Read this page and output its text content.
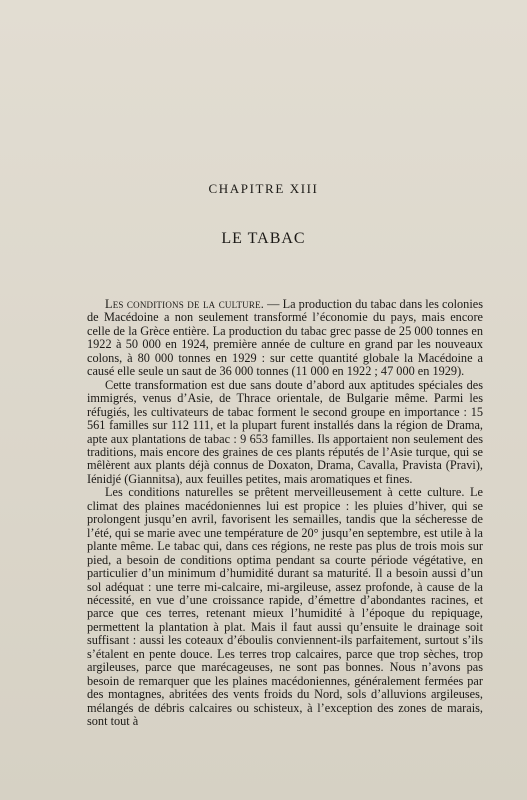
CHAPITRE XIII
LE TABAC

Les conditions de la culture. — La production du tabac dans les colonies de Macédoine a non seulement transformé l’économie du pays, mais encore celle de la Grèce entière. La production du tabac grec passe de 25 000 tonnes en 1922 à 50 000 en 1924, première année de culture en grand par les nouveaux colons, à 80 000 tonnes en 1929 : sur cette quantité globale la Macédoine a causé elle seule un saut de 36 000 tonnes (11 000 en 1922 ; 47 000 en 1929).

Cette transformation est due sans doute d’abord aux aptitudes spéciales des immigrés, venus d’Asie, de Thrace orientale, de Bulgarie même. Parmi les réfugiés, les cultivateurs de tabac forment le second groupe en importance : 15 561 familles sur 112 111, et la plupart furent installés dans la région de Drama, apte aux plantations de tabac : 9 653 familles. Ils apportaient non seulement des traditions, mais encore des graines de ces plants réputés de l’Asie turque, qui se mêlèrent aux plants déjà connus de Doxaton, Drama, Cavalla, Pravista (Pravi), Iénidjé (Giannitsa), aux feuilles petites, mais aromatiques et fines.

Les conditions naturelles se prêtent merveilleusement à cette culture. Le climat des plaines macédoniennes lui est propice : les pluies d’hiver, qui se prolongent jusqu’en avril, favorisent les semailles, tandis que la sécheresse de l’été, qui se marie avec une température de 20° jusqu’en septembre, est utile à la plante même. Le tabac qui, dans ces régions, ne reste pas plus de trois mois sur pied, a besoin de conditions optima pendant sa courte période végétative, en particulier d’un minimum d’humidité durant sa maturité. Il a besoin aussi d’un sol adéquat : une terre mi-calcaire, mi-argileuse, assez profonde, à cause de la nécessité, en vue d’une croissance rapide, d’émettre d’abondantes racines, et parce que ces terres, retenant mieux l’humidité à l’époque du repiquage, permettent la plantation à plat. Mais il faut aussi qu’ensuite le drainage soit suffisant : aussi les coteaux d’éboulis conviennent-ils parfaitement, surtout s’ils s’étalent en pente douce. Les terres trop calcaires, parce que trop sèches, trop argileuses, parce que marécageuses, ne sont pas bonnes. Nous n’avons pas besoin de remarquer que les plaines macédoniennes, généralement fermées par des montagnes, abritées des vents froids du Nord, sols d’alluvions argileuses, mélangés de débris calcaires ou schisteux, à l’exception des zones de marais, sont tout à
